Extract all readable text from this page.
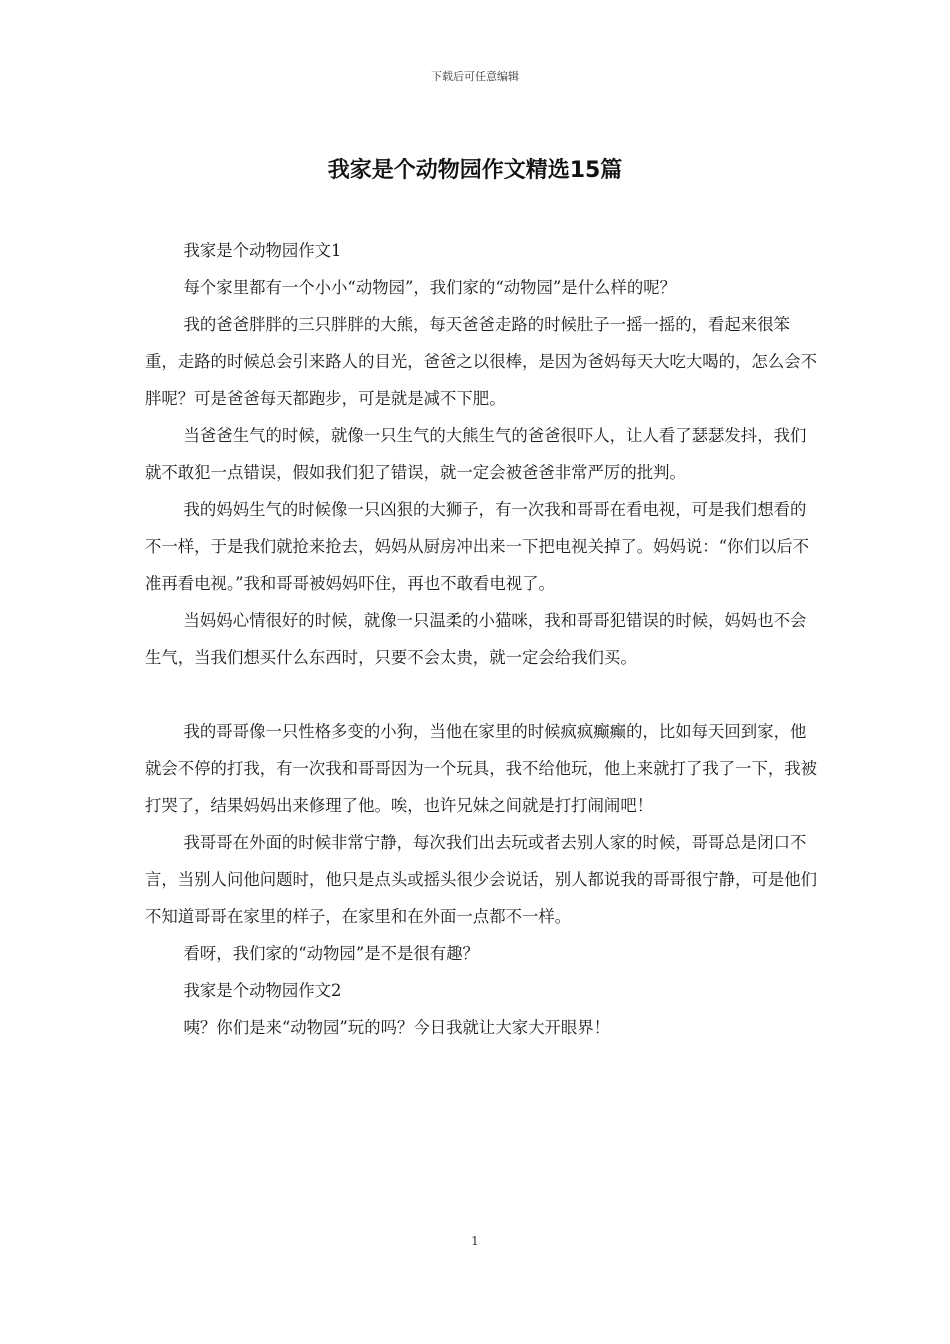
下载后可任意编辑
我家是个动物园作文精选15篇

我家是个动物园作文1

每个家里都有一个小小“动物园”，我们家的“动物园”是什么样的呢？

我的爸爸胖胖的三只胖胖的大熊，每天爸爸走路的时候肚子一摇一摇的，看起来很笨重，走路的时候总会引来路人的目光，爸爸之以很棒，是因为爸妈每天大吃大喝的，怎么会不胖呢？可是爸爸每天都跑步，可是就是减不下肥。

当爸爸生气的时候，就像一只生气的大熊生气的爸爸很吓人，让人看了瑟瑟发抖，我们就不敢犯一点错误，假如我们犯了错误，就一定会被爸爸非常严厉的批判。

我的妈妈生气的时候像一只凶狠的大狮子，有一次我和哥哥在看电视，可是我们想看的不一样，于是我们就抢来抢去，妈妈从厨房冲出来一下把电视关掉了。妈妈说：“你们以后不准再看电视。”我和哥哥被妈妈吓住，再也不敢看电视了。

当妈妈心情很好的时候，就像一只温柔的小猫咪，我和哥哥犯错误的时候，妈妈也不会生气，当我们想买什么东西时，只要不会太贵，就一定会给我们买。

我的哥哥像一只性格多变的小狗，当他在家里的时候疯疯癫癫的，比如每天回到家，他就会不停的打我，有一次我和哥哥因为一个玩具，我不给他玩，他上来就打了我了一下，我被打哭了，结果妈妈出来修理了他。唉，也许兄妹之间就是打打闹闹吧！

我哥哥在外面的时候非常宁静，每次我们出去玩或者去别人家的时候，哥哥总是闭口不言，当别人问他问题时，他只是点头或摇头很少会说话，别人都说我的哥哥很宁静，可是他们不知道哥哥在家里的样子，在家里和在外面一点都不一样。

看呀，我们家的“动物园”是不是很有趣？

我家是个动物园作文2

咦？你们是来“动物园”玩的吗？今日我就让大家大开眼界！

1
